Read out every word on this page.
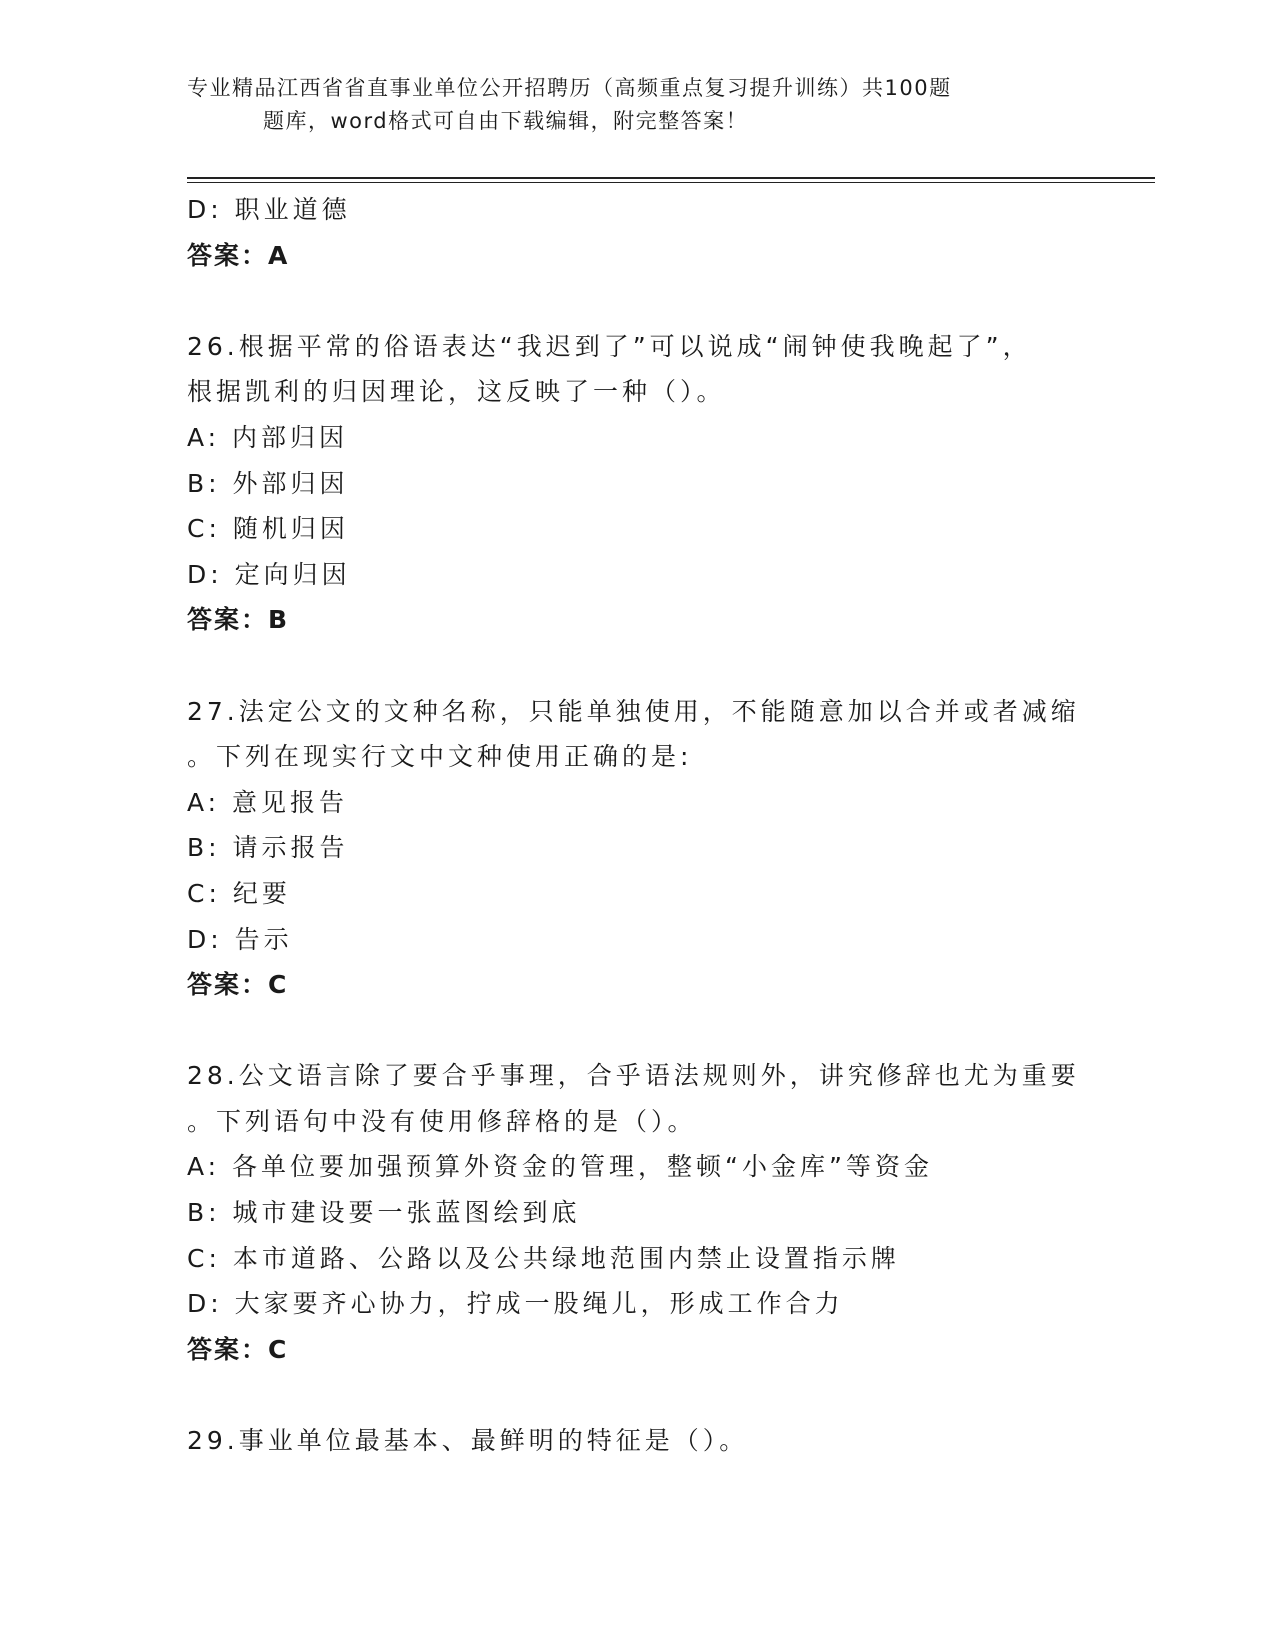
专业精品江西省省直事业单位公开招聘历（高频重点复习提升训练）共100题
题库，word格式可自由下载编辑，附完整答案！
D: 职业道德
答案：A
26.根据平常的俗语表达“我迟到了”可以说成“闹钟使我晚起了”，
根据凯利的归因理论，这反映了一种（）。
A: 内部归因
B: 外部归因
C: 随机归因
D: 定向归因
答案：B
27.法定公文的文种名称，只能单独使用，不能随意加以合并或者减缩
。下列在现实行文中文种使用正确的是:
A: 意见报告
B: 请示报告
C: 纪要
D: 告示
答案：C
28.公文语言除了要合乎事理，合乎语法规则外，讲究修辞也尤为重要
。下列语句中没有使用修辞格的是（）。
A: 各单位要加强预算外资金的管理，整顿“小金库”等资金
B: 城市建设要一张蓝图绘到底
C: 本市道路、公路以及公共绿地范围内禁止设置指示牌
D: 大家要齐心协力，拧成一股绳儿，形成工作合力
答案：C
29.事业单位最基本、最鲜明的特征是（）。
